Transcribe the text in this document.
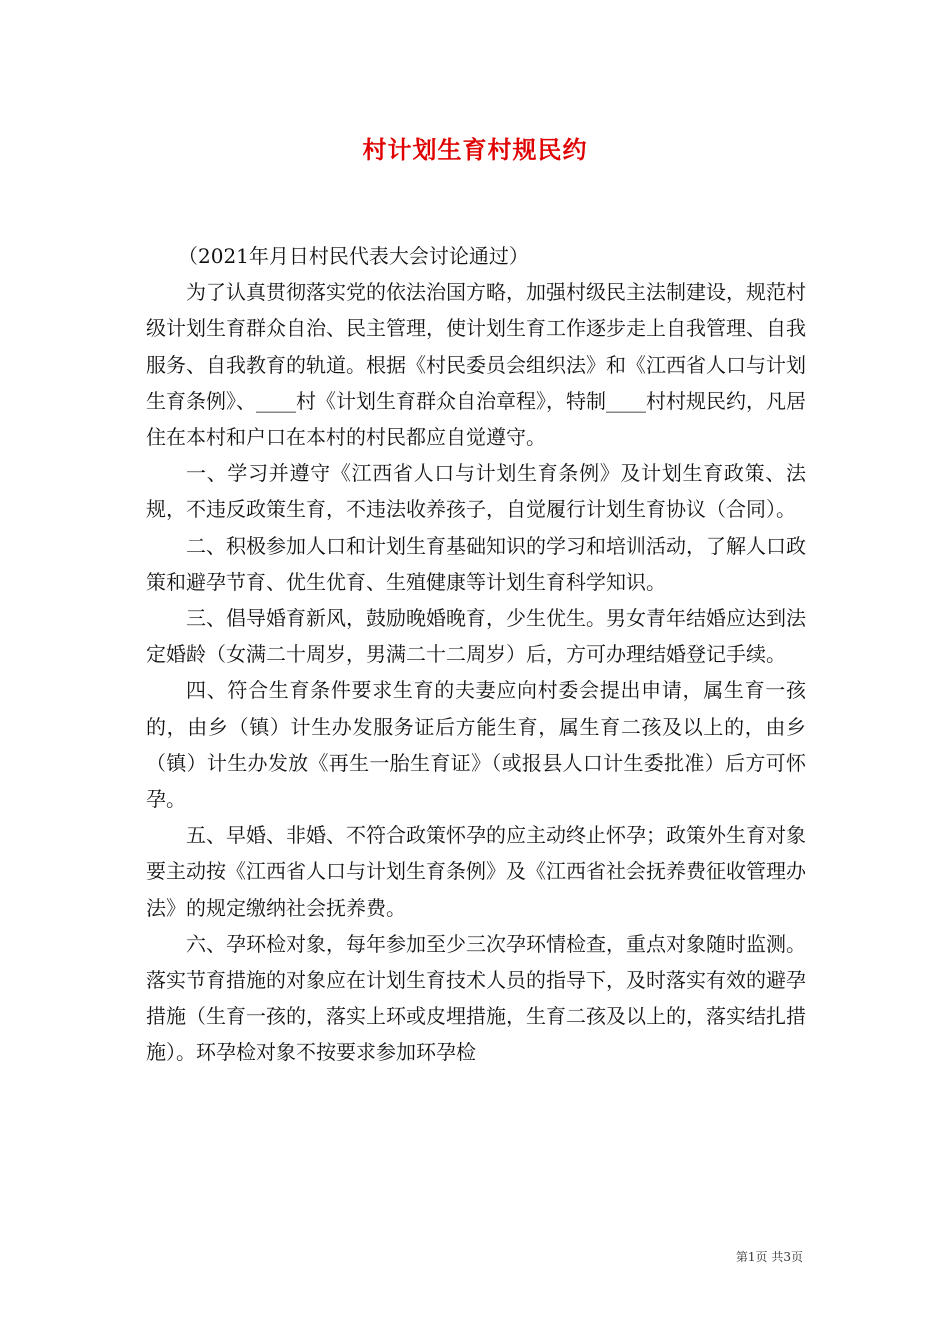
村计划生育村规民约

（2021年月日村民代表大会讨论通过）

为了认真贯彻落实党的依法治国方略，加强村级民主法制建设，规范村级计划生育群众自治、民主管理，使计划生育工作逐步走上自我管理、自我服务、自我教育的轨道。根据《村民委员会组织法》和《江西省人口与计划生育条例》、____村《计划生育群众自治章程》，特制____村村规民约，凡居住在本村和户口在本村的村民都应自觉遵守。

一、学习并遵守《江西省人口与计划生育条例》及计划生育政策、法规，不违反政策生育，不违法收养孩子，自觉履行计划生育协议（合同）。

二、积极参加人口和计划生育基础知识的学习和培训活动，了解人口政策和避孕节育、优生优育、生殖健康等计划生育科学知识。

三、倡导婚育新风，鼓励晚婚晚育，少生优生。男女青年结婚应达到法定婚龄（女满二十周岁，男满二十二周岁）后，方可办理结婚登记手续。

四、符合生育条件要求生育的夫妻应向村委会提出申请，属生育一孩的，由乡（镇）计生办发服务证后方能生育，属生育二孩及以上的，由乡（镇）计生办发放《再生一胎生育证》（或报县人口计生委批准）后方可怀孕。

五、早婚、非婚、不符合政策怀孕的应主动终止怀孕；政策外生育对象要主动按《江西省人口与计划生育条例》及《江西省社会抚养费征收管理办法》的规定缴纳社会抚养费。

六、孕环检对象，每年参加至少三次孕环情检查，重点对象随时监测。落实节育措施的对象应在计划生育技术人员的指导下，及时落实有效的避孕措施（生育一孩的，落实上环或皮埋措施，生育二孩及以上的，落实结扎措施）。环孕检对象不按要求参加环孕检

第1页 共3页
